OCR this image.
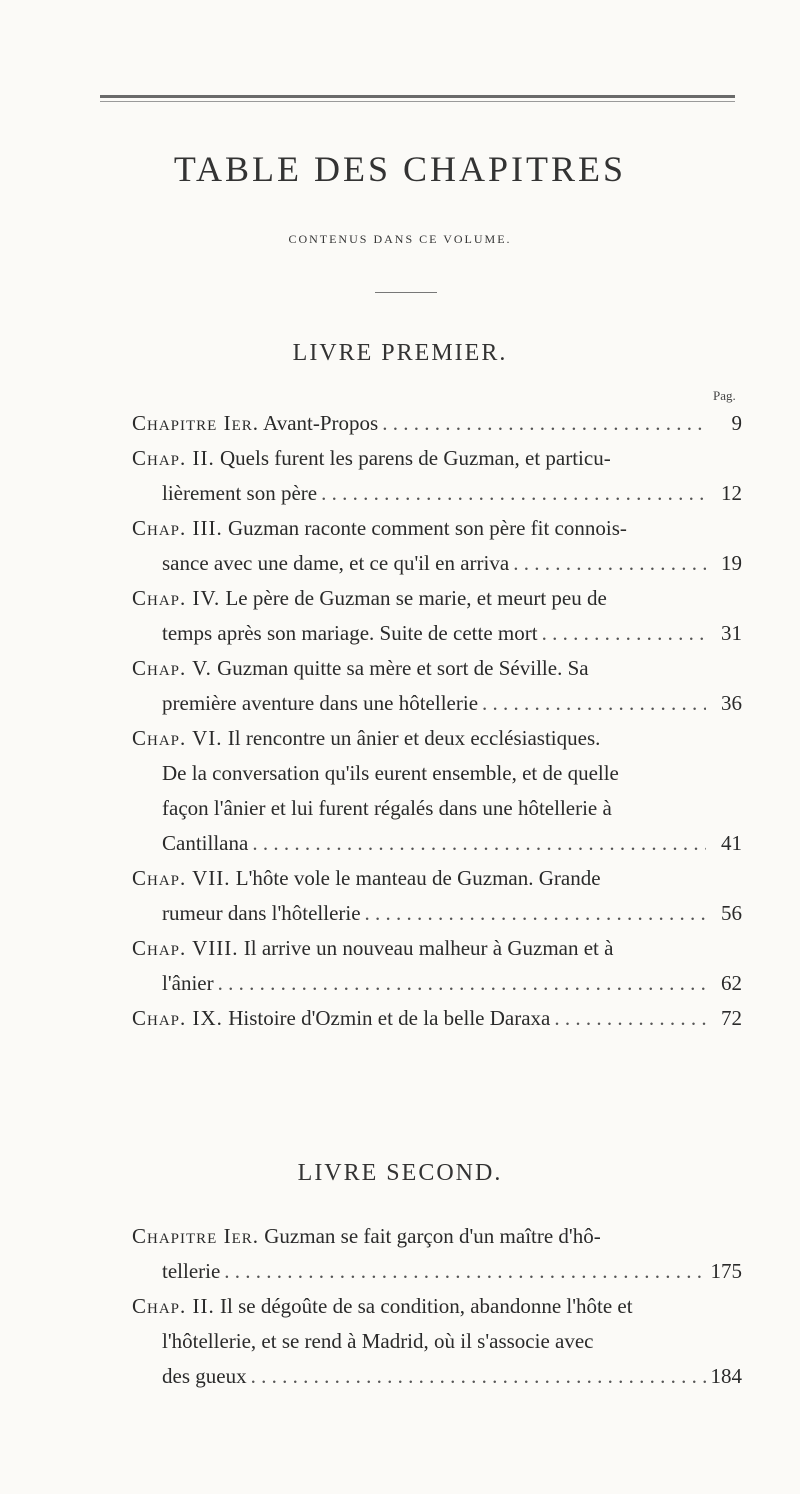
TABLE DES CHAPITRES
CONTENUS DANS CE VOLUME.
LIVRE PREMIER.
Pag.
Chapitre Ier. Avant-Propos . . .	9
Chap. II. Quels furent les parens de Guzman, et particu-
lièrement son père . . .	12
Chap. III. Guzman raconte comment son père fit connois-
sance avec une dame, et ce qu'il en arriva . . .	19
Chap. IV. Le père de Guzman se marie, et meurt peu de
temps après son mariage. Suite de cette mort . . .	31
Chap. V. Guzman quitte sa mère et sort de Séville. Sa
première aventure dans une hôtellerie . . .	36
Chap. VI. Il rencontre un ânier et deux ecclésiastiques.
De la conversation qu'ils eurent ensemble, et de quelle
façon l'ânier et lui furent régalés dans une hôtellerie à
Cantillana . . .	41
Chap. VII. L'hôte vole le manteau de Guzman. Grande
rumeur dans l'hôtellerie . . .	56
Chap. VIII. Il arrive un nouveau malheur à Guzman et à
l'ânier . . .	62
Chap. IX. Histoire d'Ozmin et de la belle Daraxa . . .	72
LIVRE SECOND.
Chapitre Ier. Guzman se fait garçon d'un maître d'hô-
tellerie . . .	175
Chap. II. Il se dégoûte de sa condition, abandonne l'hôte et
l'hôtellerie, et se rend à Madrid, où il s'associe avec
des gueux . . .	184
